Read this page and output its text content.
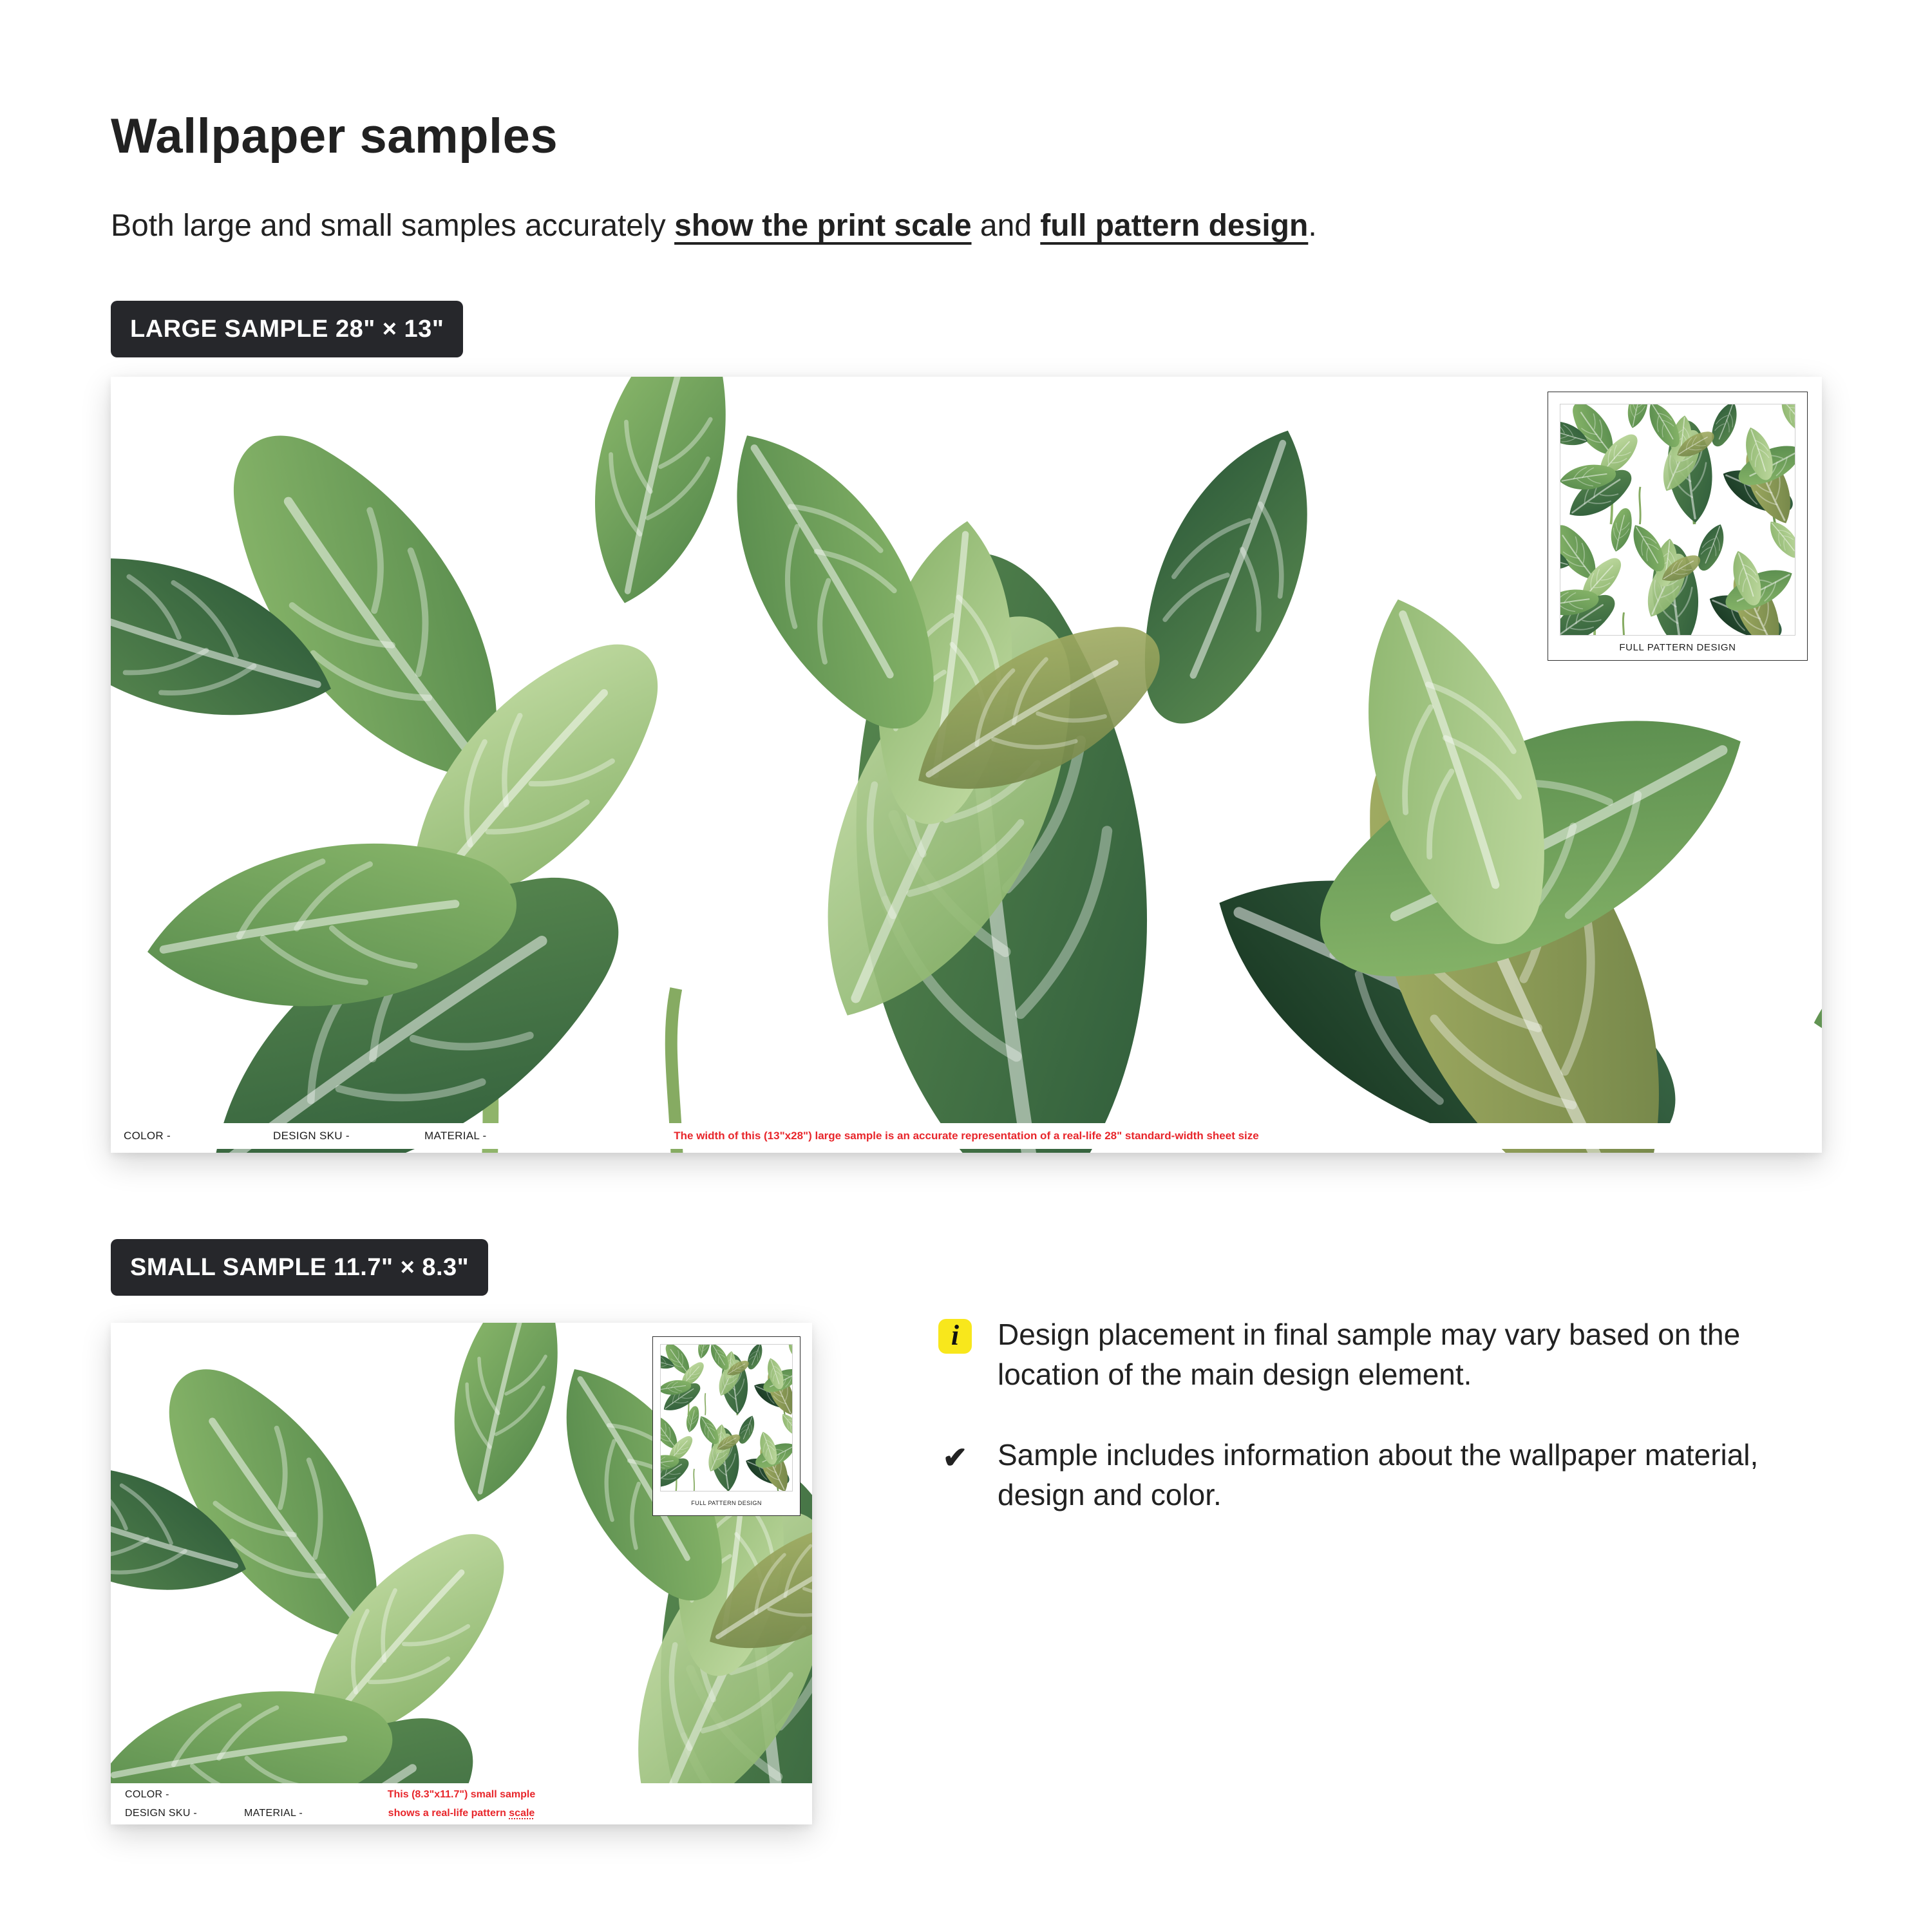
Wallpaper samples

Both large and small samples accurately show the print scale and full pattern design.

LARGE SAMPLE 28" × 13"
FULL PATTERN DESIGN
The width of this (13"x28") large sample is an accurate representation of a real-life 28" standard-width sheet size
COLOR -	DESIGN SKU -	MATERIAL -
SMALL SAMPLE 11.7" × 8.3"
FULL PATTERN DESIGN
COLOR -	This (8.3"x11.7") small sample
DESIGN SKU -	MATERIAL -	shows a real-life pattern scale
i	Design placement in final sample may vary based on the location of the main design element.
✔ Sample includes information about the wallpaper material, design and color.
